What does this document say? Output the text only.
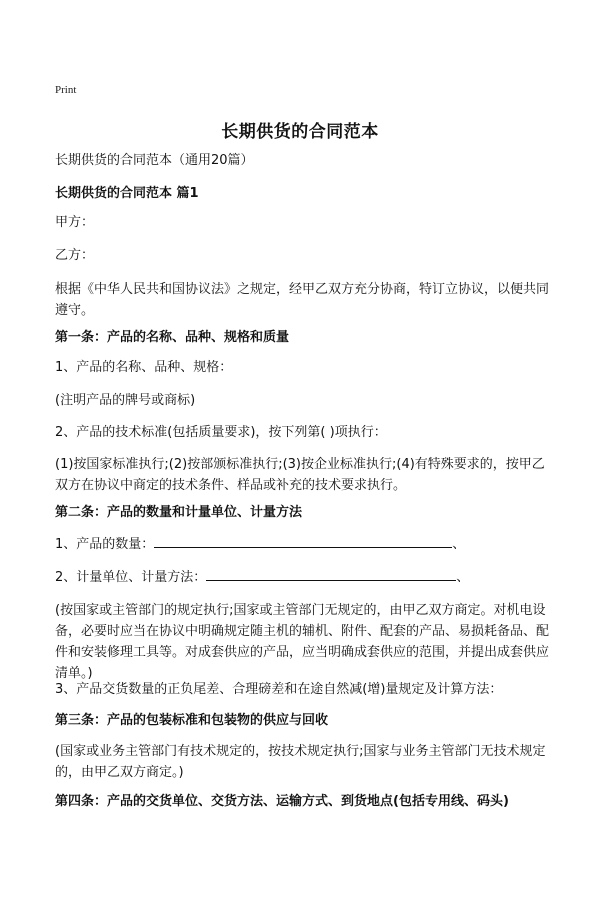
Print
长期供货的合同范本
长期供货的合同范本（通用20篇）
长期供货的合同范本 篇1
甲方：
乙方：
根据《中华人民共和国协议法》之规定，经甲乙双方充分协商，特订立协议，以便共同遵守。
第一条：产品的名称、品种、规格和质量
1、产品的名称、品种、规格：
(注明产品的牌号或商标)
2、产品的技术标准(包括质量要求)，按下列第( )项执行：
(1)按国家标准执行;(2)按部颁标准执行;(3)按企业标准执行;(4)有特殊要求的，按甲乙双方在协议中商定的技术条件、样品或补充的技术要求执行。
第二条：产品的数量和计量单位、计量方法
1、产品的数量：	、
2、计量单位、计量方法：	、
(按国家或主管部门的规定执行;国家或主管部门无规定的，由甲乙双方商定。对机电设备，必要时应当在协议中明确规定随主机的辅机、附件、配套的产品、易损耗备品、配件和安装修理工具等。对成套供应的产品，应当明确成套供应的范围，并提出成套供应清单。)
3、产品交货数量的正负尾差、合理磅差和在途自然减(增)量规定及计算方法：
第三条：产品的包装标准和包装物的供应与回收
(国家或业务主管部门有技术规定的，按技术规定执行;国家与业务主管部门无技术规定的，由甲乙双方商定。)
第四条：产品的交货单位、交货方法、运输方式、到货地点(包括专用线、码头)
